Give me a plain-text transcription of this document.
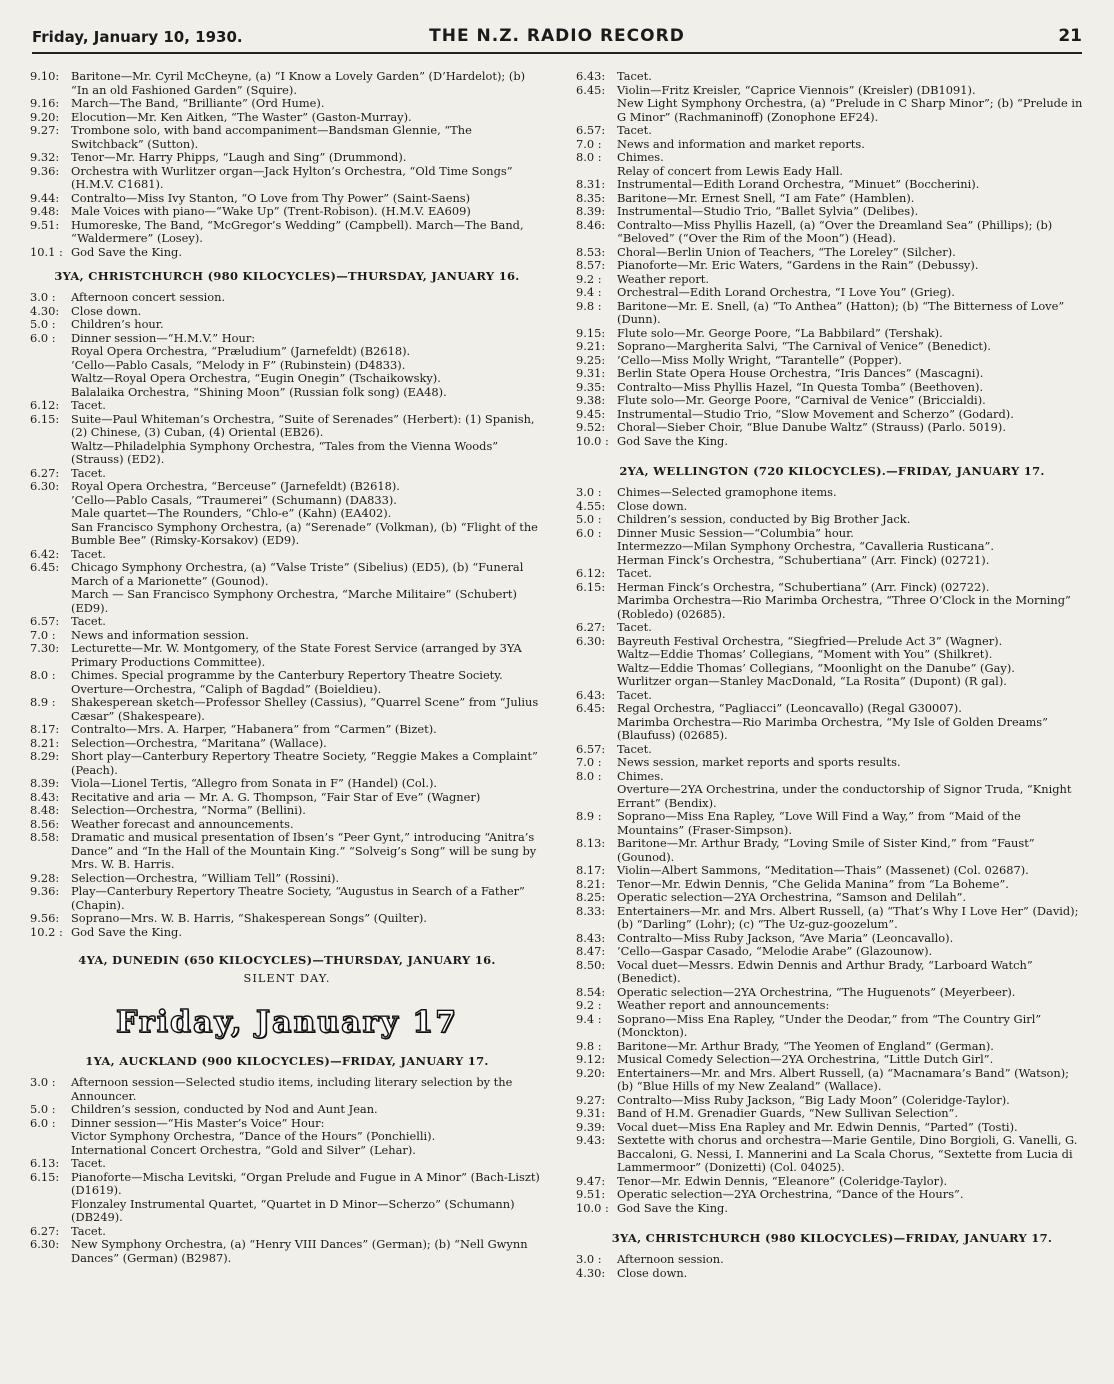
Friday, January 10, 1930.	THE N.Z. RADIO RECORD	21
9.10:	Baritone—Mr. Cyril McCheyne, (a) “I Know a Lovely Garden” (D’Hardelot); (b) “In an old Fashioned Garden” (Squire).
9.16:	March—The Band, “Brilliante” (Ord Hume).
9.20:	Elocution—Mr. Ken Aitken, “The Waster” (Gaston-Murray).
9.27:	Trombone solo, with band accompaniment—Bandsman Glennie, “The Switchback” (Sutton).
9.32:	Tenor—Mr. Harry Phipps, “Laugh and Sing” (Drummond).
9.36:	Orchestra with Wurlitzer organ—Jack Hylton’s Orchestra, “Old Time Songs” (H.M.V. C1681).
9.44:	Contralto—Miss Ivy Stanton, “O Love from Thy Power” (Saint-Saens)
9.48:	Male Voices with piano—“Wake Up” (Trent-Robison). (H.M.V. EA609)
9.51:	Humoreske, The Band, “McGregor’s Wedding” (Campbell). March—The Band, “Waldermere” (Losey).
10.1 : God Save the King.
3YA, CHRISTCHURCH (980 KILOCYCLES)—THURSDAY, JANUARY 16.
3.0 :	Afternoon concert session.
4.30:	Close down.
5.0 :	Children’s hour.
6.0 :	Dinner session—“H.M.V.” Hour:
Royal Opera Orchestra, “Præludium” (Jarnefeldt) (B2618).
’Cello—Pablo Casals, “Melody in F” (Rubinstein) (D4833).
Waltz—Royal Opera Orchestra, “Eugin Onegin” (Tschaikowsky).
Balalaika Orchestra, “Shining Moon” (Russian folk song) (EA48).
6.12:	Tacet.
6.15:	Suite—Paul Whiteman’s Orchestra, “Suite of Serenades” (Herbert): (1) Spanish, (2) Chinese, (3) Cuban, (4) Oriental (EB26).
Waltz—Philadelphia Symphony Orchestra, “Tales from the Vienna Woods” (Strauss) (ED2).
6.27:	Tacet.
6.30:	Royal Opera Orchestra, “Berceuse” (Jarnefeldt) (B2618).
’Cello—Pablo Casals, “Traumerei” (Schumann) (DA833).
Male quartet—The Rounders, “Chlo-e” (Kahn) (EA402).
San Francisco Symphony Orchestra, (a) “Serenade” (Volkman), (b) “Flight of the Bumble Bee” (Rimsky-Korsakov) (ED9).
6.42:	Tacet.
6.45:	Chicago Symphony Orchestra, (a) “Valse Triste” (Sibelius) (ED5), (b) “Funeral March of a Marionette” (Gounod).
March — San Francisco Symphony Orchestra, “Marche Militaire” (Schubert) (ED9).
6.57:	Tacet.
7.0 :	News and information session.
7.30:	Lecturette—Mr. W. Montgomery, of the State Forest Service (arranged by 3YA Primary Productions Committee).
8.0 :	Chimes. Special programme by the Canterbury Repertory Theatre Society.
Overture—Orchestra, “Caliph of Bagdad” (Boieldieu).
8.9 :	Shakesperean sketch—Professor Shelley (Cassius), “Quarrel Scene” from “Julius Cæsar” (Shakespeare).
8.17:	Contralto—Mrs. A. Harper, “Habanera” from “Carmen” (Bizet).
8.21:	Selection—Orchestra, “Maritana” (Wallace).
8.29:	Short play—Canterbury Repertory Theatre Society, “Reggie Makes a Complaint” (Peach).
8.39:	Viola—Lionel Tertis, “Allegro from Sonata in F” (Handel) (Col.).
8.43:	Recitative and aria — Mr. A. G. Thompson, “Fair Star of Eve” (Wagner)
8.48:	Selection—Orchestra, “Norma” (Bellini).
8.56:	Weather forecast and announcements.
8.58:	Dramatic and musical presentation of Ibsen’s “Peer Gynt,” introducing “Anitra’s Dance” and “In the Hall of the Mountain King.” “Solveig’s Song” will be sung by Mrs. W. B. Harris.
9.28:	Selection—Orchestra, “William Tell” (Rossini).
9.36:	Play—Canterbury Repertory Theatre Society, “Augustus in Search of a Father” (Chapin).
9.56:	Soprano—Mrs. W. B. Harris, “Shakesperean Songs” (Quilter).
10.2 : God Save the King.
4YA, DUNEDIN (650 KILOCYCLES)—THURSDAY, JANUARY 16.
SILENT DAY.
Friday, January 17
1YA, AUCKLAND (900 KILOCYCLES)—FRIDAY, JANUARY 17.
3.0 :	Afternoon session—Selected studio items, including literary selection by the Announcer.
5.0 :	Children’s session, conducted by Nod and Aunt Jean.
6.0 :	Dinner session—“His Master’s Voice” Hour:
Victor Symphony Orchestra, “Dance of the Hours” (Ponchielli).
International Concert Orchestra, “Gold and Silver” (Lehar).
6.13:	Tacet.
6.15:	Pianoforte—Mischa Levitski, “Organ Prelude and Fugue in A Minor” (Bach-Liszt) (D1619).
Flonzaley Instrumental Quartet, “Quartet in D Minor—Scherzo” (Schumann) (DB249).
6.27:	Tacet.
6.30:	New Symphony Orchestra, (a) “Henry VIII Dances” (German); (b) “Nell Gwynn Dances” (German) (B2987).
6.43:	Tacet.
6.45:	Violin—Fritz Kreisler, “Caprice Viennois” (Kreisler) (DB1091).
New Light Symphony Orchestra, (a) “Prelude in C Sharp Minor”; (b) “Prelude in G Minor” (Rachmaninoff) (Zonophone EF24).
6.57:	Tacet.
7.0 :	News and information and market reports.
8.0 :	Chimes.
Relay of concert from Lewis Eady Hall.
8.31:	Instrumental—Edith Lorand Orchestra, “Minuet” (Boccherini).
8.35:	Baritone—Mr. Ernest Snell, “I am Fate” (Hamblen).
8.39:	Instrumental—Studio Trio, “Ballet Sylvia” (Delibes).
8.46:	Contralto—Miss Phyllis Hazell, (a) “Over the Dreamland Sea” (Phillips); (b) “Beloved” (“Over the Rim of the Moon”) (Head).
8.53:	Choral—Berlin Union of Teachers, “The Loreley” (Silcher).
8.57:	Pianoforte—Mr. Eric Waters, “Gardens in the Rain” (Debussy).
9.2 :	Weather report.
9.4 :	Orchestral—Edith Lorand Orchestra, “I Love You” (Grieg).
9.8 :	Baritone—Mr. E. Snell, (a) “To Anthea” (Hatton); (b) “The Bitterness of Love” (Dunn).
9.15:	Flute solo—Mr. George Poore, “La Babbilard” (Tershak).
9.21:	Soprano—Margherita Salvi, “The Carnival of Venice” (Benedict).
9.25:	’Cello—Miss Molly Wright, “Tarantelle” (Popper).
9.31:	Berlin State Opera House Orchestra, “Iris Dances” (Mascagni).
9.35:	Contralto—Miss Phyllis Hazel, “In Questa Tomba” (Beethoven).
9.38:	Flute solo—Mr. George Poore, “Carnival de Venice” (Briccialdi).
9.45:	Instrumental—Studio Trio, “Slow Movement and Scherzo” (Godard).
9.52:	Choral—Sieber Choir, “Blue Danube Waltz” (Strauss) (Parlo. 5019).
10.0 : God Save the King.
2YA, WELLINGTON (720 KILOCYCLES).—FRIDAY, JANUARY 17.
3.0 :	Chimes—Selected gramophone items.
4.55:	Close down.
5.0 :	Children’s session, conducted by Big Brother Jack.
6.0 :	Dinner Music Session—“Columbia” hour.
Intermezzo—Milan Symphony Orchestra, “Cavalleria Rusticana”.
Herman Finck’s Orchestra, “Schubertiana” (Arr. Finck) (02721).
6.12:	Tacet.
6.15:	Herman Finck’s Orchestra, “Schubertiana” (Arr. Finck) (02722).
Marimba Orchestra—Rio Marimba Orchestra, “Three O’Clock in the Morning” (Robledo) (02685).
6.27:	Tacet.
6.30:	Bayreuth Festival Orchestra, “Siegfried—Prelude Act 3” (Wagner).
Waltz—Eddie Thomas’ Collegians, “Moment with You” (Shilkret).
Waltz—Eddie Thomas’ Collegians, “Moonlight on the Danube” (Gay).
Wurlitzer organ—Stanley MacDonald, “La Rosita” (Dupont) (R gal).
6.43:	Tacet.
6.45:	Regal Orchestra, “Pagliacci” (Leoncavallo) (Regal G30007).
Marimba Orchestra—Rio Marimba Orchestra, “My Isle of Golden Dreams” (Blaufuss) (02685).
6.57:	Tacet.
7.0 :	News session, market reports and sports results.
8.0 :	Chimes.
Overture—2YA Orchestrina, under the conductorship of Signor Truda, “Knight Errant” (Bendix).
8.9 :	Soprano—Miss Ena Rapley, “Love Will Find a Way,” from “Maid of the Mountains” (Fraser-Simpson).
8.13:	Baritone—Mr. Arthur Brady, “Loving Smile of Sister Kind,” from “Faust” (Gounod).
8.17:	Violin—Albert Sammons, “Meditation—Thais” (Massenet) (Col. 02687).
8.21:	Tenor—Mr. Edwin Dennis, “Che Gelida Manina” from “La Boheme”.
8.25:	Operatic selection—2YA Orchestrina, “Samson and Delilah”.
8.33:	Entertainers—Mr. and Mrs. Albert Russell, (a) “That’s Why I Love Her” (David); (b) “Darling” (Lohr); (c) “The Uz-guz-goozelum”.
8.43:	Contralto—Miss Ruby Jackson, “Ave Maria” (Leoncavallo).
8.47:	’Cello—Gaspar Casado, “Melodie Arabe” (Glazounow).
8.50:	Vocal duet—Messrs. Edwin Dennis and Arthur Brady, “Larboard Watch” (Benedict).
8.54:	Operatic selection—2YA Orchestrina, “The Huguenots” (Meyerbeer).
9.2 :	Weather report and announcements:
9.4 :	Soprano—Miss Ena Rapley, “Under the Deodar,” from “The Country Girl” (Monckton).
9.8 :	Baritone—Mr. Arthur Brady, “The Yeomen of England” (German).
9.12:	Musical Comedy Selection—2YA Orchestrina, “Little Dutch Girl”.
9.20:	Entertainers—Mr. and Mrs. Albert Russell, (a) “Macnamara’s Band” (Watson); (b) “Blue Hills of my New Zealand” (Wallace).
9.27:	Contralto—Miss Ruby Jackson, “Big Lady Moon” (Coleridge-Taylor).
9.31:	Band of H.M. Grenadier Guards, “New Sullivan Selection”.
9.39:	Vocal duet—Miss Ena Rapley and Mr. Edwin Dennis, “Parted” (Tosti).
9.43:	Sextette with chorus and orchestra—Marie Gentile, Dino Borgioli, G. Vanelli, G. Baccaloni, G. Nessi, I. Mannerini and La Scala Chorus, “Sextette from Lucia di Lammermoor” (Donizetti) (Col. 04025).
9.47:	Tenor—Mr. Edwin Dennis, “Eleanore” (Coleridge-Taylor).
9.51:	Operatic selection—2YA Orchestrina, “Dance of the Hours”.
10.0 : God Save the King.
3YA, CHRISTCHURCH (980 KILOCYCLES)—FRIDAY, JANUARY 17.
3.0 :	Afternoon session.
4.30:	Close down.
